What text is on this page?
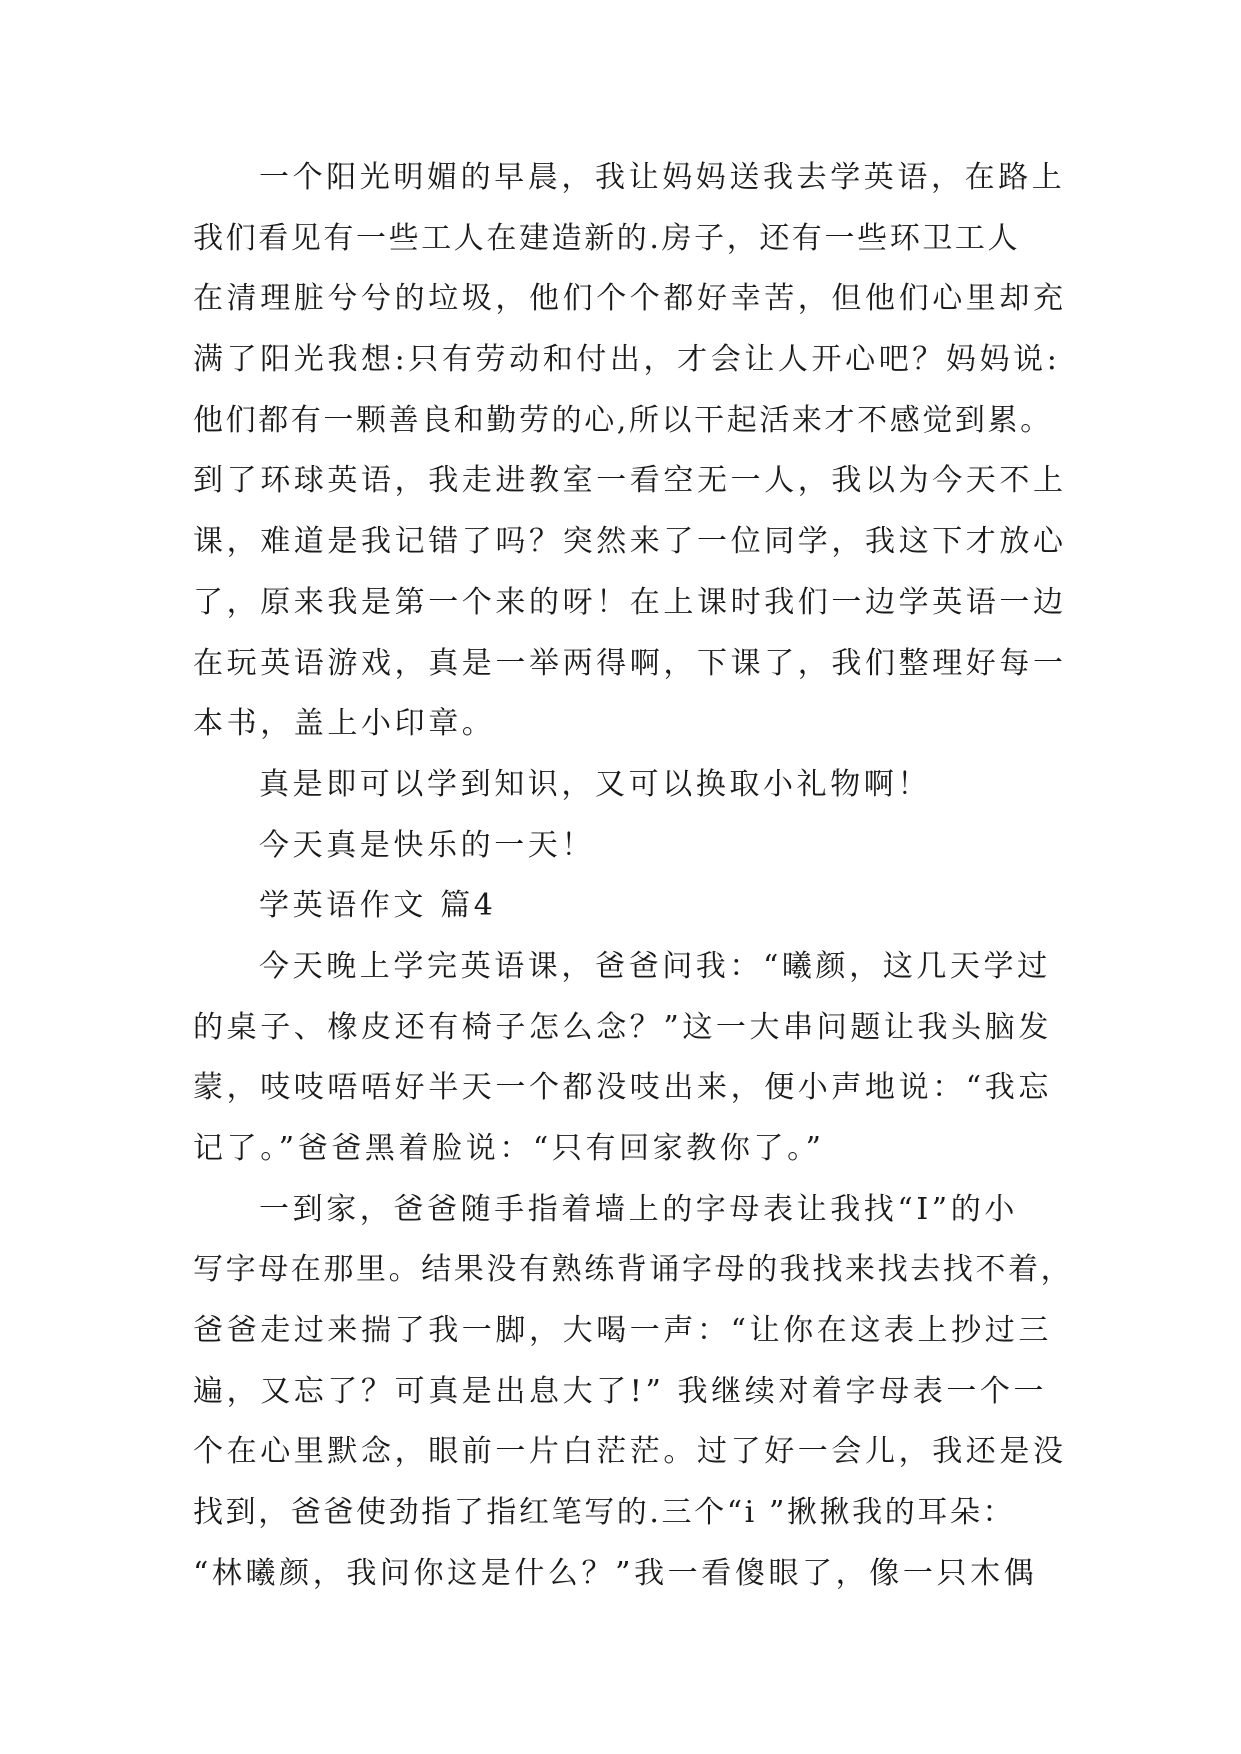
一个阳光明媚的早晨，我让妈妈送我去学英语，在路上
我们看见有一些工人在建造新的.房子，还有一些环卫工人
在清理脏兮兮的垃圾，他们个个都好幸苦，但他们心里却充
满了阳光我想:只有劳动和付出，才会让人开心吧？妈妈说:
他们都有一颗善良和勤劳的心,所以干起活来才不感觉到累。
到了环球英语，我走进教室一看空无一人，我以为今天不上
课，难道是我记错了吗？突然来了一位同学，我这下才放心
了，原来我是第一个来的呀！在上课时我们一边学英语一边
在玩英语游戏，真是一举两得啊，下课了，我们整理好每一
本书，盖上小印章。
真是即可以学到知识，又可以换取小礼物啊！
今天真是快乐的一天！
学英语作文 篇4
今天晚上学完英语课，爸爸问我：“曦颜，这几天学过
的桌子、橡皮还有椅子怎么念？”这一大串问题让我头脑发
蒙，吱吱唔唔好半天一个都没吱出来，便小声地说：“我忘
记了。”爸爸黑着脸说：“只有回家教你了。”
一到家，爸爸随手指着墙上的字母表让我找“I”的小
写字母在那里。结果没有熟练背诵字母的我找来找去找不着，
爸爸走过来揣了我一脚，大喝一声：“让你在这表上抄过三
遍，又忘了？可真是出息大了!” 我继续对着字母表一个一
个在心里默念，眼前一片白茫茫。过了好一会儿，我还是没
找到，爸爸使劲指了指红笔写的.三个“i ”揪揪我的耳朵：
“林曦颜，我问你这是什么？”我一看傻眼了，像一只木偶
